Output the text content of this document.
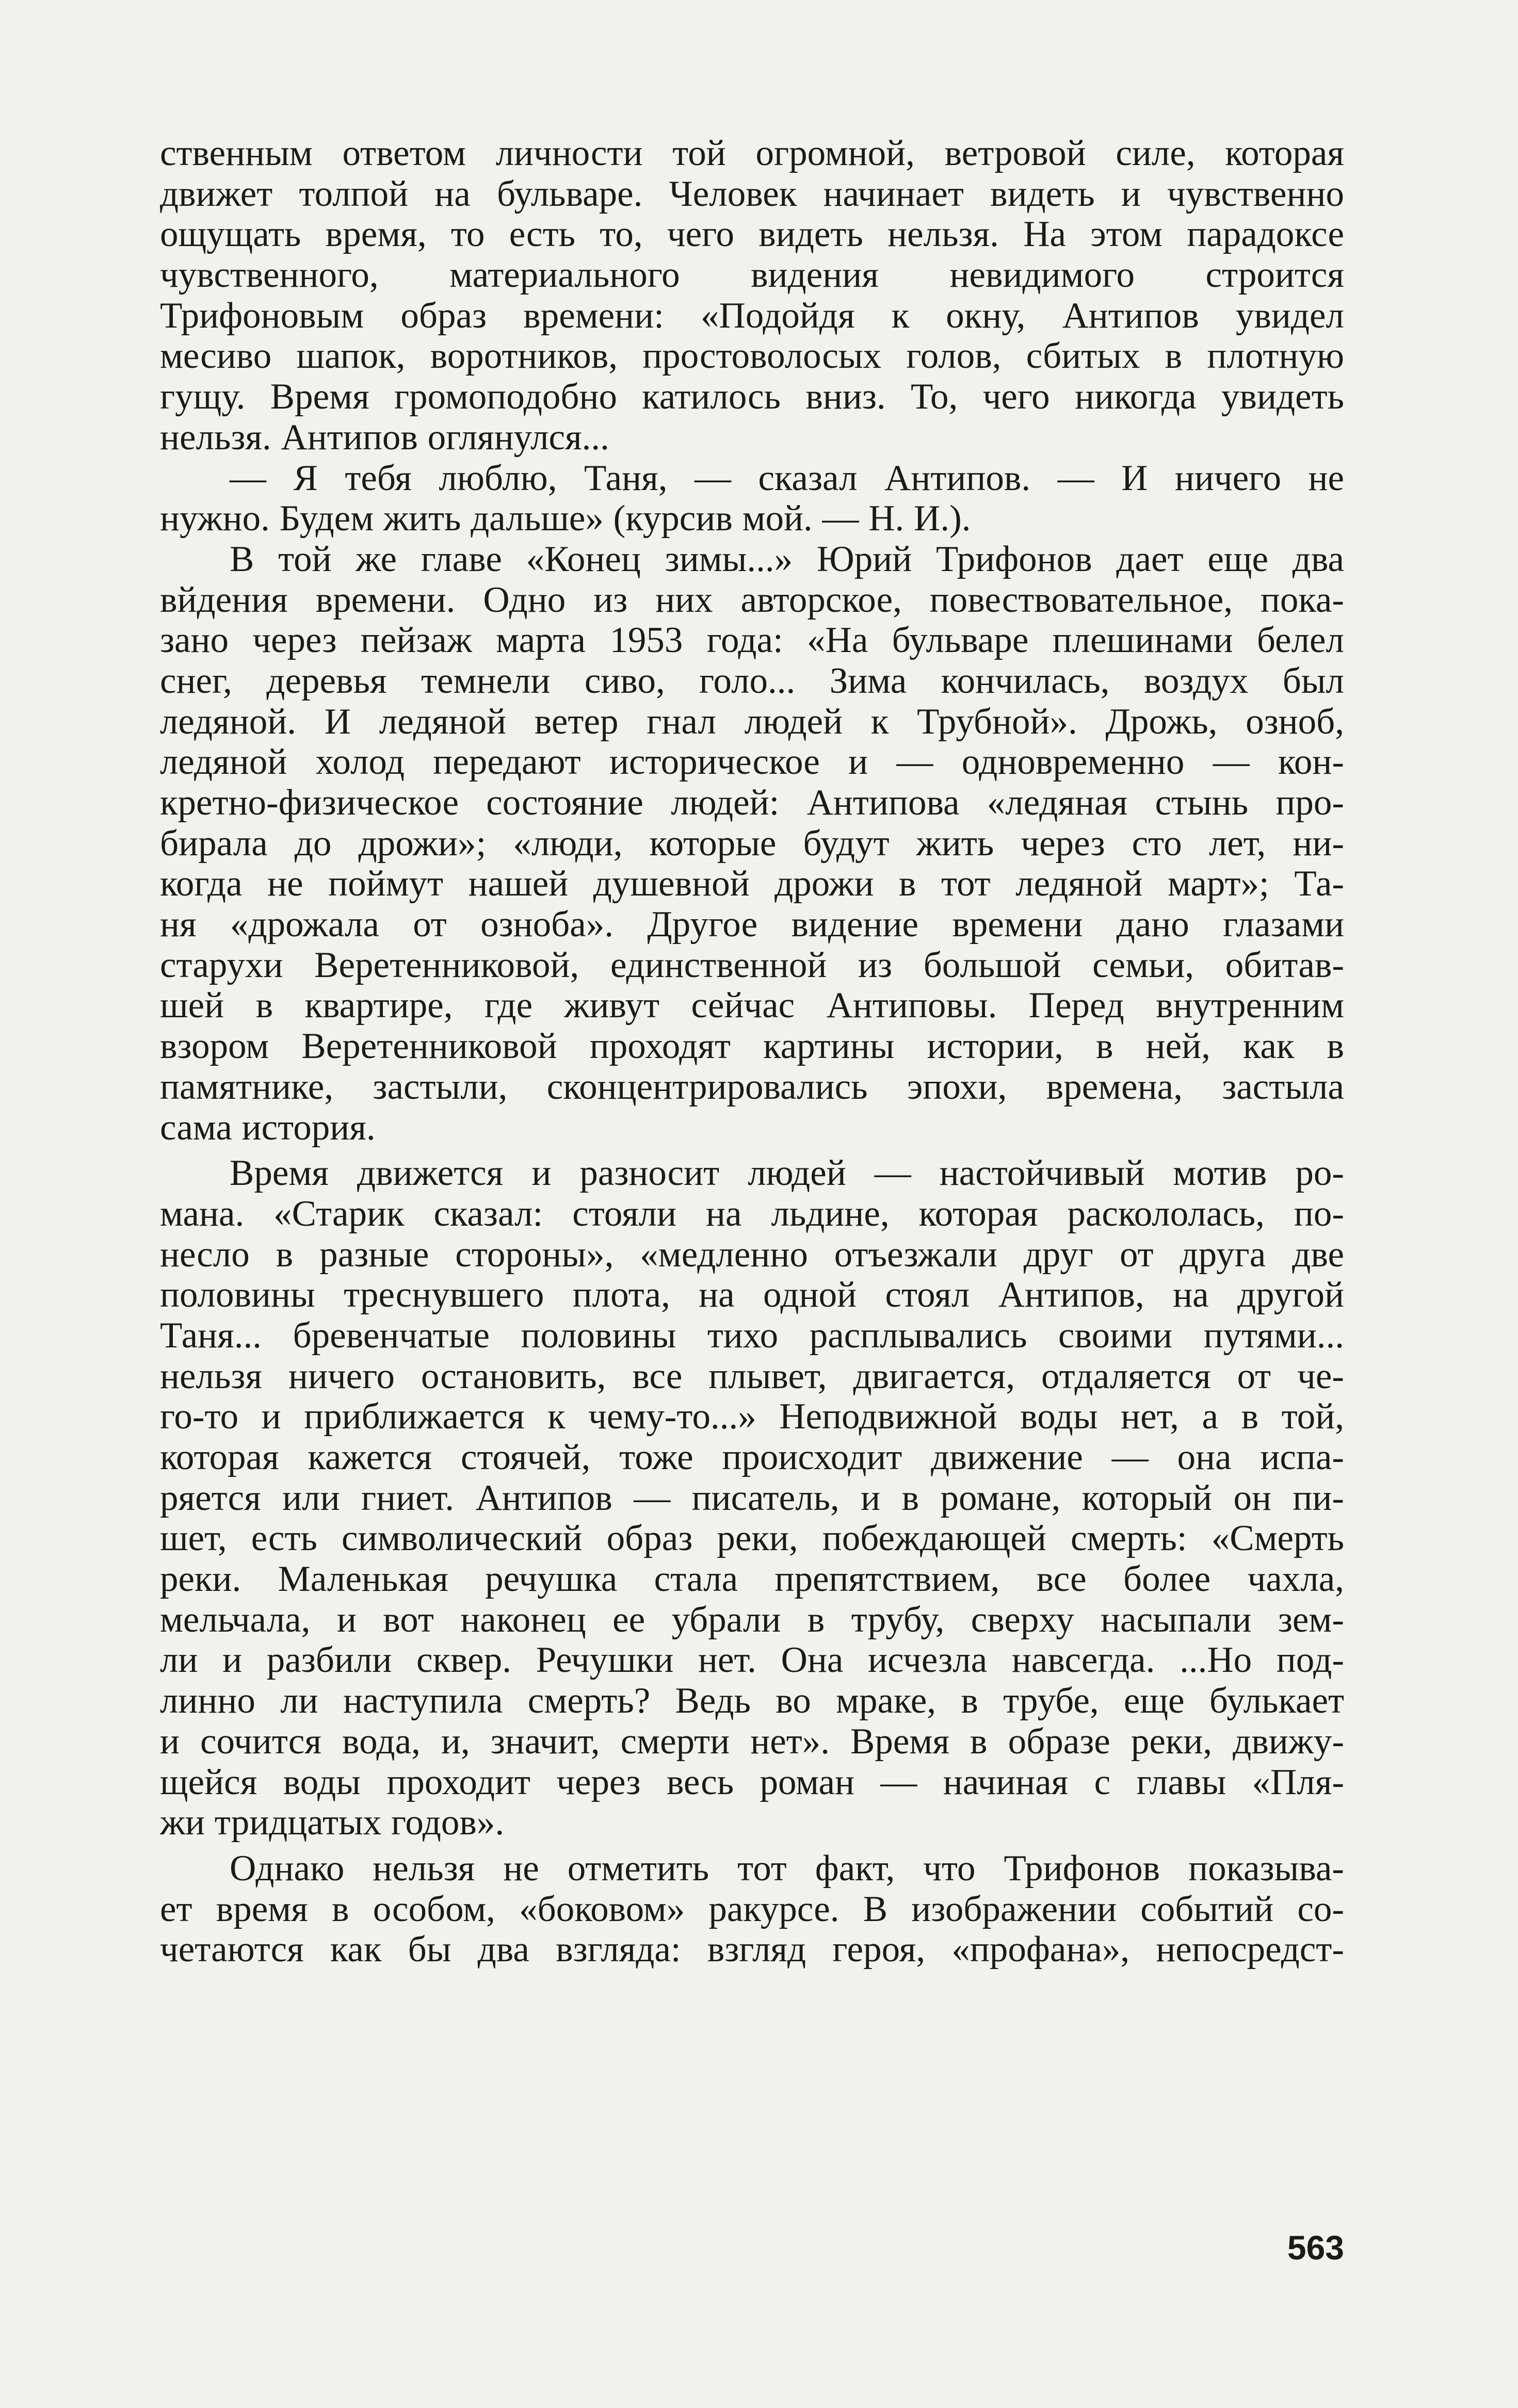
ственным ответом личности той огромной, ветровой силе, которая
движет толпой на бульваре. Человек начинает видеть и чувственно
ощущать время, то есть то, чего видеть нельзя. На этом парадоксе
чувственного, материального видения невидимого строится
Трифоновым образ времени: «Подойдя к окну, Антипов увидел
месиво шапок, воротников, простоволосых голов, сбитых в плотную
гущу. Время громоподобно катилось вниз. То, чего никогда увидеть
нельзя. Антипов оглянулся...
— Я тебя люблю, Таня, — сказал Антипов. — И ничего не
нужно. Будем жить дальше» (курсив мой. — Н. И.).
В той же главе «Конец зимы...» Юрий Трифонов дает еще два
вйдения времени. Одно из них авторское, повествовательное, пока-
зано через пейзаж марта 1953 года: «На бульваре плешинами белел
снег, деревья темнели сиво, голо... Зима кончилась, воздух был
ледяной. И ледяной ветер гнал людей к Трубной». Дрожь, озноб,
ледяной холод передают историческое и — одновременно — кон-
кретно-физическое состояние людей: Антипова «ледяная стынь про-
бирала до дрожи»; «люди, которые будут жить через сто лет, ни-
когда не поймут нашей душевной дрожи в тот ледяной март»; Та-
ня «дрожала от озноба». Другое видение времени дано глазами
старухи Веретенниковой, единственной из большой семьи, обитав-
шей в квартире, где живут сейчас Антиповы. Перед внутренним
взором Веретенниковой проходят картины истории, в ней, как в
памятнике, застыли, сконцентрировались эпохи, времена, застыла
сама история.
Время движется и разносит людей — настойчивый мотив ро-
мана. «Старик сказал: стояли на льдине, которая раскололась, по-
несло в разные стороны», «медленно отъезжали друг от друга две
половины треснувшего плота, на одной стоял Антипов, на другой
Таня... бревенчатые половины тихо расплывались своими путями...
нельзя ничего остановить, все плывет, двигается, отдаляется от че-
го-то и приближается к чему-то...» Неподвижной воды нет, а в той,
которая кажется стоячей, тоже происходит движение — она испа-
ряется или гниет. Антипов — писатель, и в романе, который он пи-
шет, есть символический образ реки, побеждающей смерть: «Смерть
реки. Маленькая речушка стала препятствием, все более чахла,
мельчала, и вот наконец ее убрали в трубу, сверху насыпали зем-
ли и разбили сквер. Речушки нет. Она исчезла навсегда. ...Но под-
линно ли наступила смерть? Ведь во мраке, в трубе, еще булькает
и сочится вода, и, значит, смерти нет». Время в образе реки, движу-
щейся воды проходит через весь роман — начиная с главы «Пля-
жи тридцатых годов».
Однако нельзя не отметить тот факт, что Трифонов показыва-
ет время в особом, «боковом» ракурсе. В изображении событий со-
четаются как бы два взгляда: взгляд героя, «профана», непосредст-
563
